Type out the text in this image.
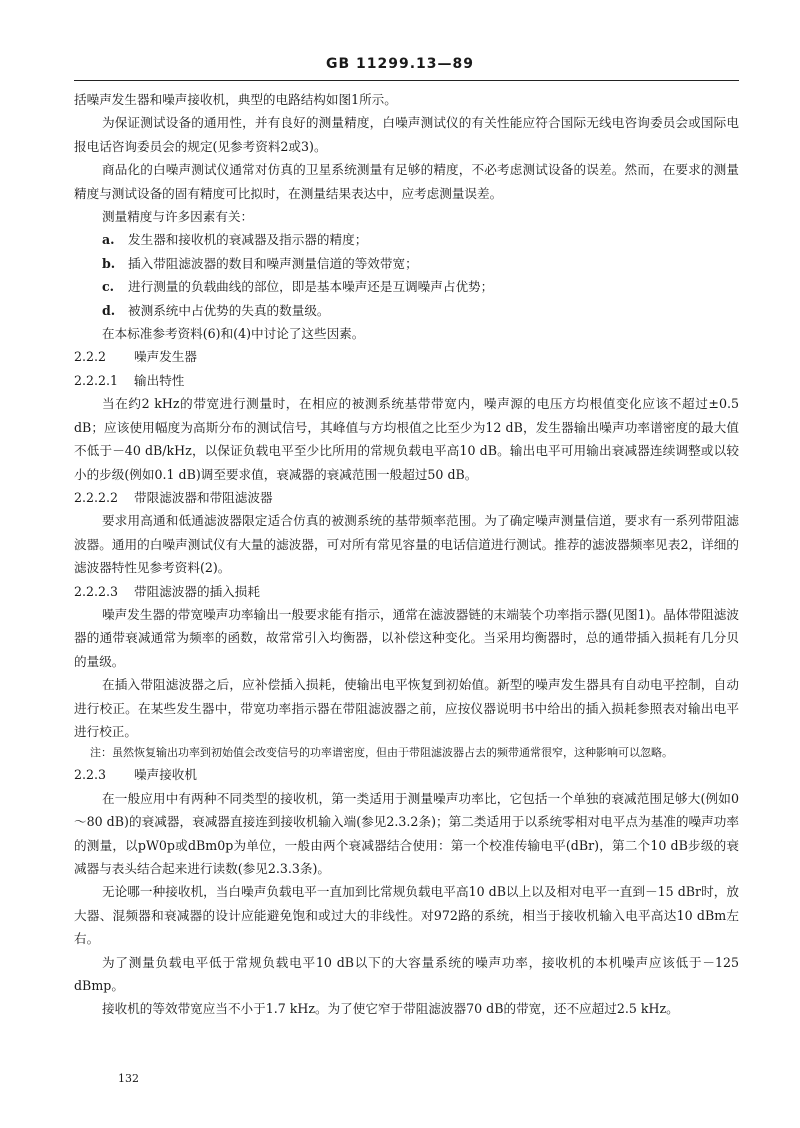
GB 11299.13—89

括噪声发生器和噪声接收机，典型的电路结构如图1所示。

为保证测试设备的通用性，并有良好的测量精度，白噪声测试仪的有关性能应符合国际无线电咨询委员会或国际电报电话咨询委员会的规定(见参考资料2或3)。

商品化的白噪声测试仪通常对仿真的卫星系统测量有足够的精度，不必考虑测试设备的误差。然而，在要求的测量精度与测试设备的固有精度可比拟时，在测量结果表达中，应考虑测量误差。

测量精度与许多因素有关：

a. 发生器和接收机的衰减器及指示器的精度；

b. 插入带阻滤波器的数目和噪声测量信道的等效带宽；

c. 进行测量的负载曲线的部位，即是基本噪声还是互调噪声占优势；

d. 被测系统中占优势的失真的数量级。

在本标准参考资料(6)和(4)中讨论了这些因素。

2.2.2 噪声发生器

2.2.2.1 输出特性

当在约2 kHz的带宽进行测量时，在相应的被测系统基带带宽内，噪声源的电压方均根值变化应该不超过±0.5 dB；应该使用幅度为高斯分布的测试信号，其峰值与方均根值之比至少为12 dB，发生器输出噪声功率谱密度的最大值不低于－40 dB/kHz，以保证负载电平至少比所用的常规负载电平高10 dB。输出电平可用输出衰减器连续调整或以较小的步级(例如0.1 dB)调至要求值，衰减器的衰减范围一般超过50 dB。

2.2.2.2 带限滤波器和带阻滤波器

要求用高通和低通滤波器限定适合仿真的被测系统的基带频率范围。为了确定噪声测量信道，要求有一系列带阻滤波器。通用的白噪声测试仪有大量的滤波器，可对所有常见容量的电话信道进行测试。推荐的滤波器频率见表2，详细的滤波器特性见参考资料(2)。

2.2.2.3 带阻滤波器的插入损耗

噪声发生器的带宽噪声功率输出一般要求能有指示，通常在滤波器链的末端装个功率指示器(见图1)。晶体带阻滤波器的通带衰减通常为频率的函数，故常常引入均衡器，以补偿这种变化。当采用均衡器时，总的通带插入损耗有几分贝的量级。

在插入带阻滤波器之后，应补偿插入损耗，使输出电平恢复到初始值。新型的噪声发生器具有自动电平控制，自动进行校正。在某些发生器中，带宽功率指示器在带阻滤波器之前，应按仪器说明书中给出的插入损耗参照表对输出电平进行校正。

注：虽然恢复输出功率到初始值会改变信号的功率谱密度，但由于带阻滤波器占去的频带通常很窄，这种影响可以忽略。

2.2.3 噪声接收机

在一般应用中有两种不同类型的接收机，第一类适用于测量噪声功率比，它包括一个单独的衰减范围足够大(例如0～80 dB)的衰减器，衰减器直接连到接收机输入端(参见2.3.2条)；第二类适用于以系统零相对电平点为基准的噪声功率的测量，以pW0p或dBm0p为单位，一般由两个衰减器结合使用：第一个校准传输电平(dBr)，第二个10 dB步级的衰减器与表头结合起来进行读数(参见2.3.3条)。

无论哪一种接收机，当白噪声负载电平一直加到比常规负载电平高10 dB以上以及相对电平一直到－15 dBr时，放大器、混频器和衰减器的设计应能避免饱和或过大的非线性。对972路的系统，相当于接收机输入电平高达10 dBm左右。

为了测量负载电平低于常规负载电平10 dB以下的大容量系统的噪声功率，接收机的本机噪声应该低于－125 dBmp。

接收机的等效带宽应当不小于1.7 kHz。为了使它窄于带阻滤波器70 dB的带宽，还不应超过2.5 kHz。

132
